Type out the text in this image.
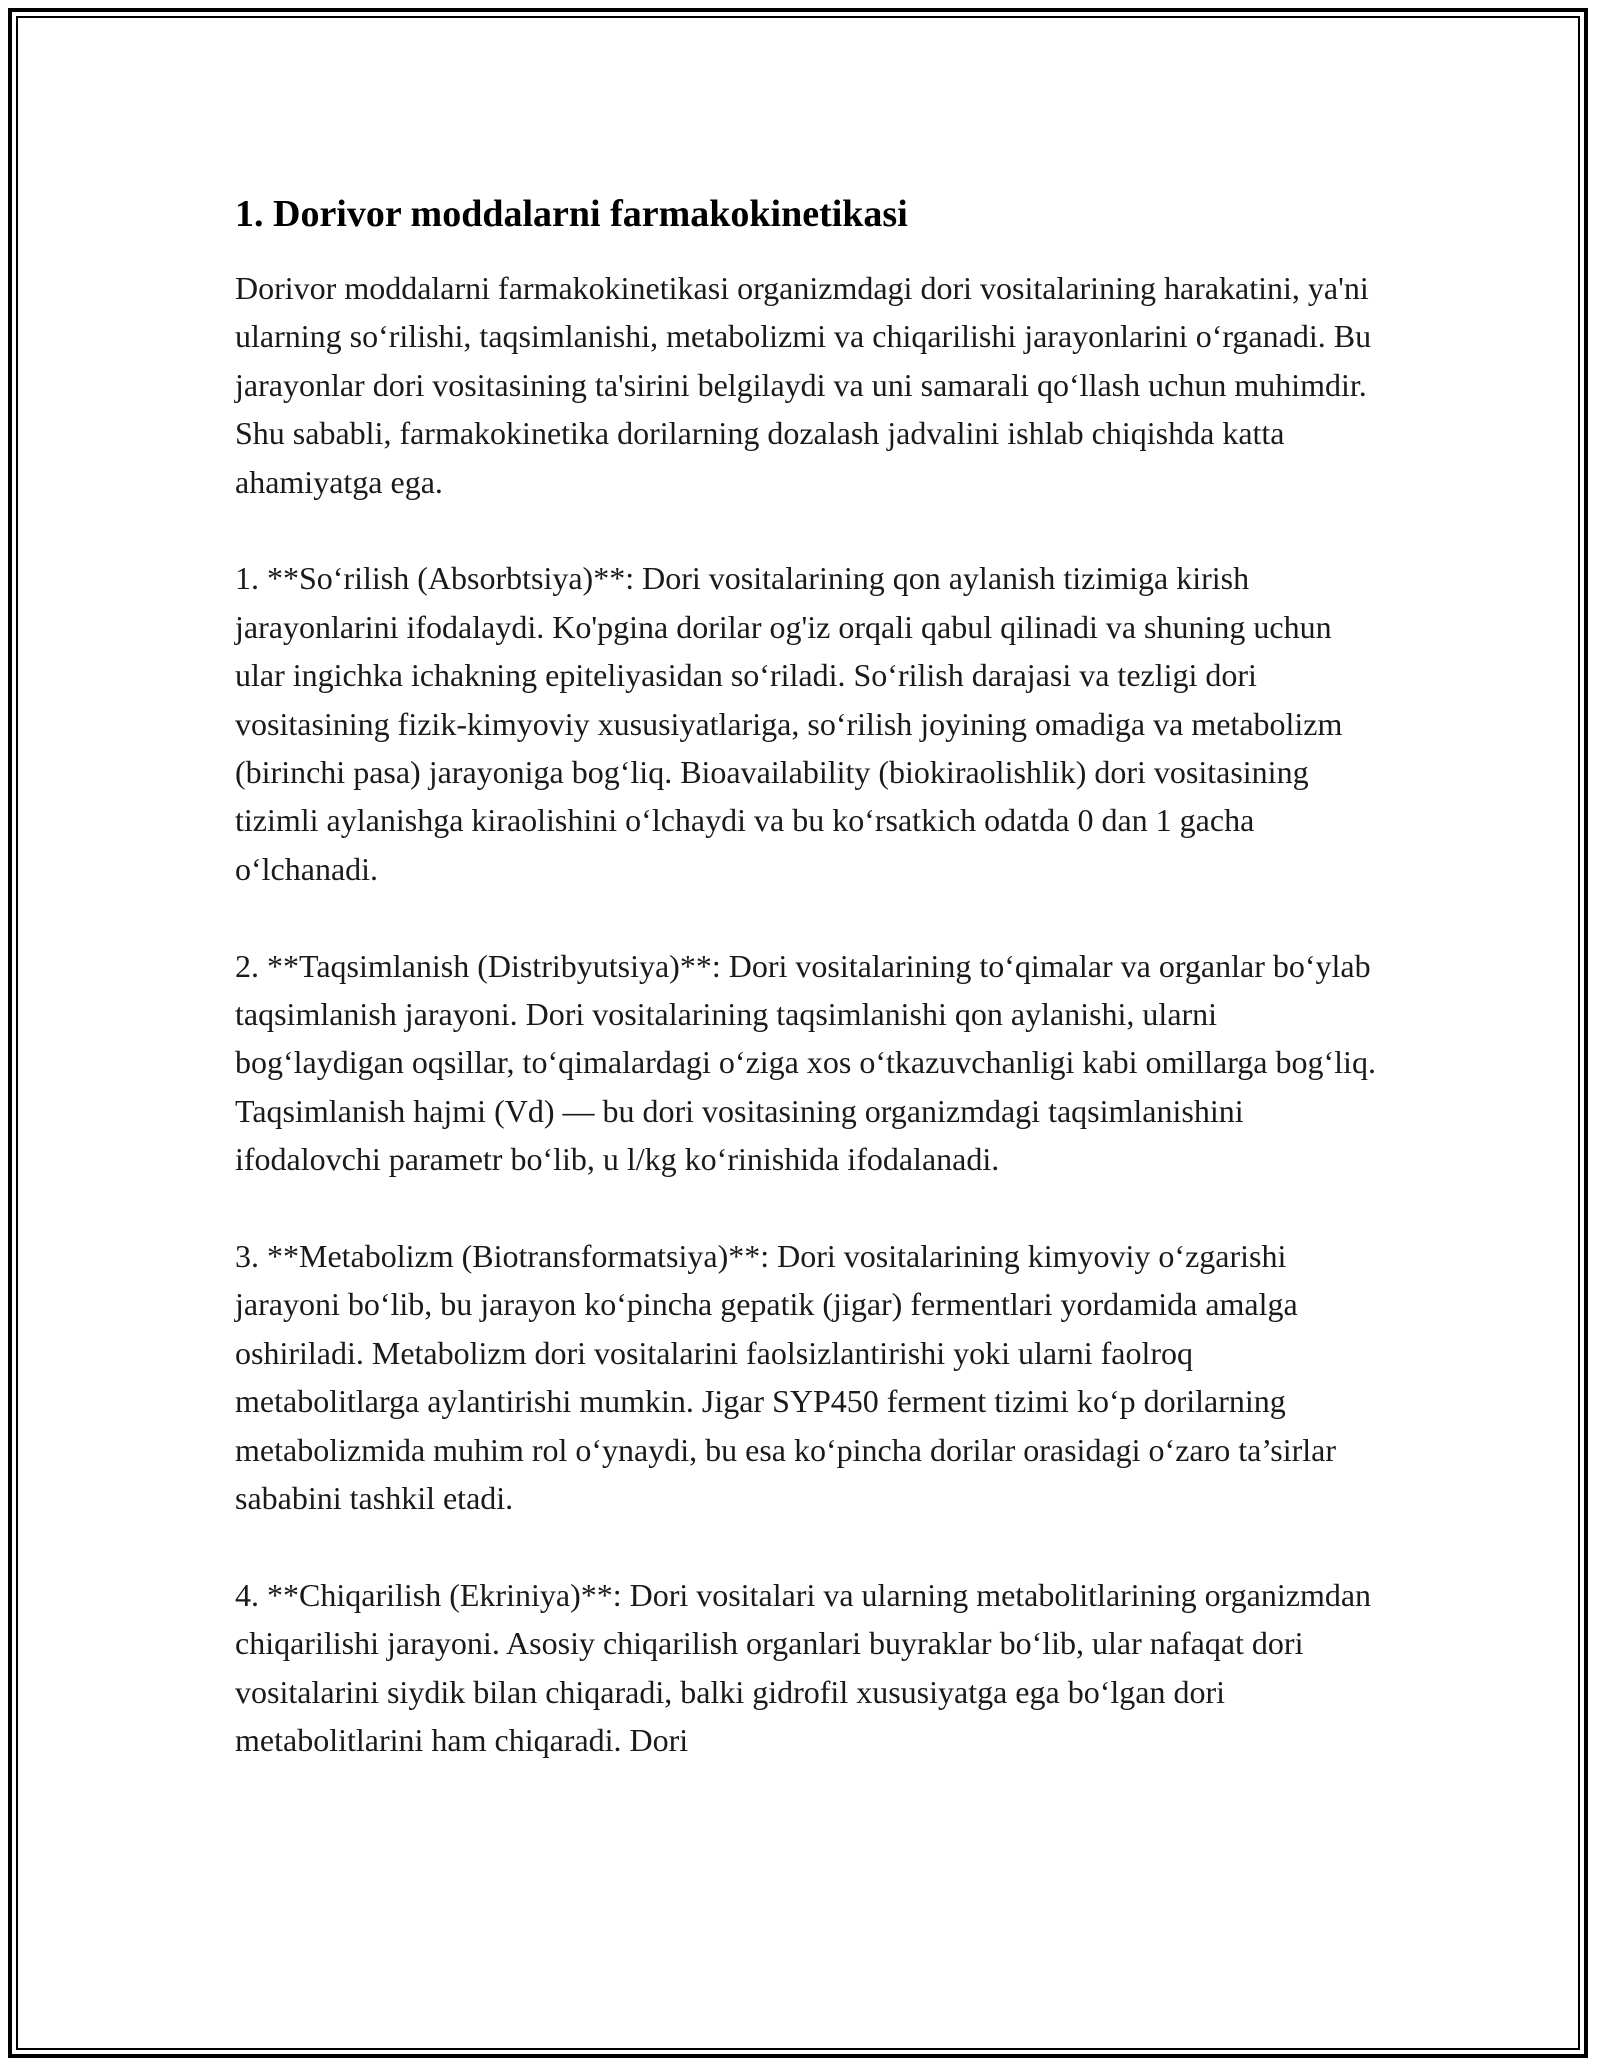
1. Dorivor moddalarni farmakokinetikasi

Dorivor moddalarni farmakokinetikasi organizmdagi dori vositalarining harakatini, ya'ni ularning so‘rilishi, taqsimlanishi, metabolizmi va chiqarilishi jarayonlarini o‘rganadi. Bu jarayonlar dori vositasining ta'sirini belgilaydi va uni samarali qo‘llash uchun muhimdir. Shu sababli, farmakokinetika dorilarning dozalash jadvalini ishlab chiqishda katta ahamiyatga ega.

1. **So‘rilish (Absorbtsiya)**: Dori vositalarining qon aylanish tizimiga kirish jarayonlarini ifodalaydi. Ko'pgina dorilar og'iz orqali qabul qilinadi va shuning uchun ular ingichka ichakning epiteliyasidan so‘riladi. So‘rilish darajasi va tezligi dori vositasining fizik-kimyoviy xususiyatlariga, so‘rilish joyining omadiga va metabolizm (birinchi pasa) jarayoniga bog‘liq. Bioavailability (biokiraolishlik) dori vositasining tizimli aylanishga kiraolishini o‘lchaydi va bu ko‘rsatkich odatda 0 dan 1 gacha o‘lchanadi.

2. **Taqsimlanish (Distribyutsiya)**: Dori vositalarining to‘qimalar va organlar bo‘ylab taqsimlanish jarayoni. Dori vositalarining taqsimlanishi qon aylanishi, ularni bog‘laydigan oqsillar, to‘qimalardagi o‘ziga xos o‘tkazuvchanligi kabi omillarga bog‘liq. Taqsimlanish hajmi (Vd) — bu dori vositasining organizmdagi taqsimlanishini ifodalovchi parametr bo‘lib, u l/kg ko‘rinishida ifodalanadi.

3. **Metabolizm (Biotransformatsiya)**: Dori vositalarining kimyoviy o‘zgarishi jarayoni bo‘lib, bu jarayon ko‘pincha gepatik (jigar) fermentlari yordamida amalga oshiriladi. Metabolizm dori vositalarini faolsizlantirishi yoki ularni faolroq metabolitlarga aylantirishi mumkin. Jigar SYP450 ferment tizimi ko‘p dorilarning metabolizmida muhim rol o‘ynaydi, bu esa ko‘pincha dorilar orasidagi o‘zaro ta’sirlar sababini tashkil etadi.

4. **Chiqarilish (Ekriniya)**: Dori vositalari va ularning metabolitlarining organizmdan chiqarilishi jarayoni. Asosiy chiqarilish organlari buyraklar bo‘lib, ular nafaqat dori vositalarini siydik bilan chiqaradi, balki gidrofil xususiyatga ega bo‘lgan dori metabolitlarini ham chiqaradi. Dori
